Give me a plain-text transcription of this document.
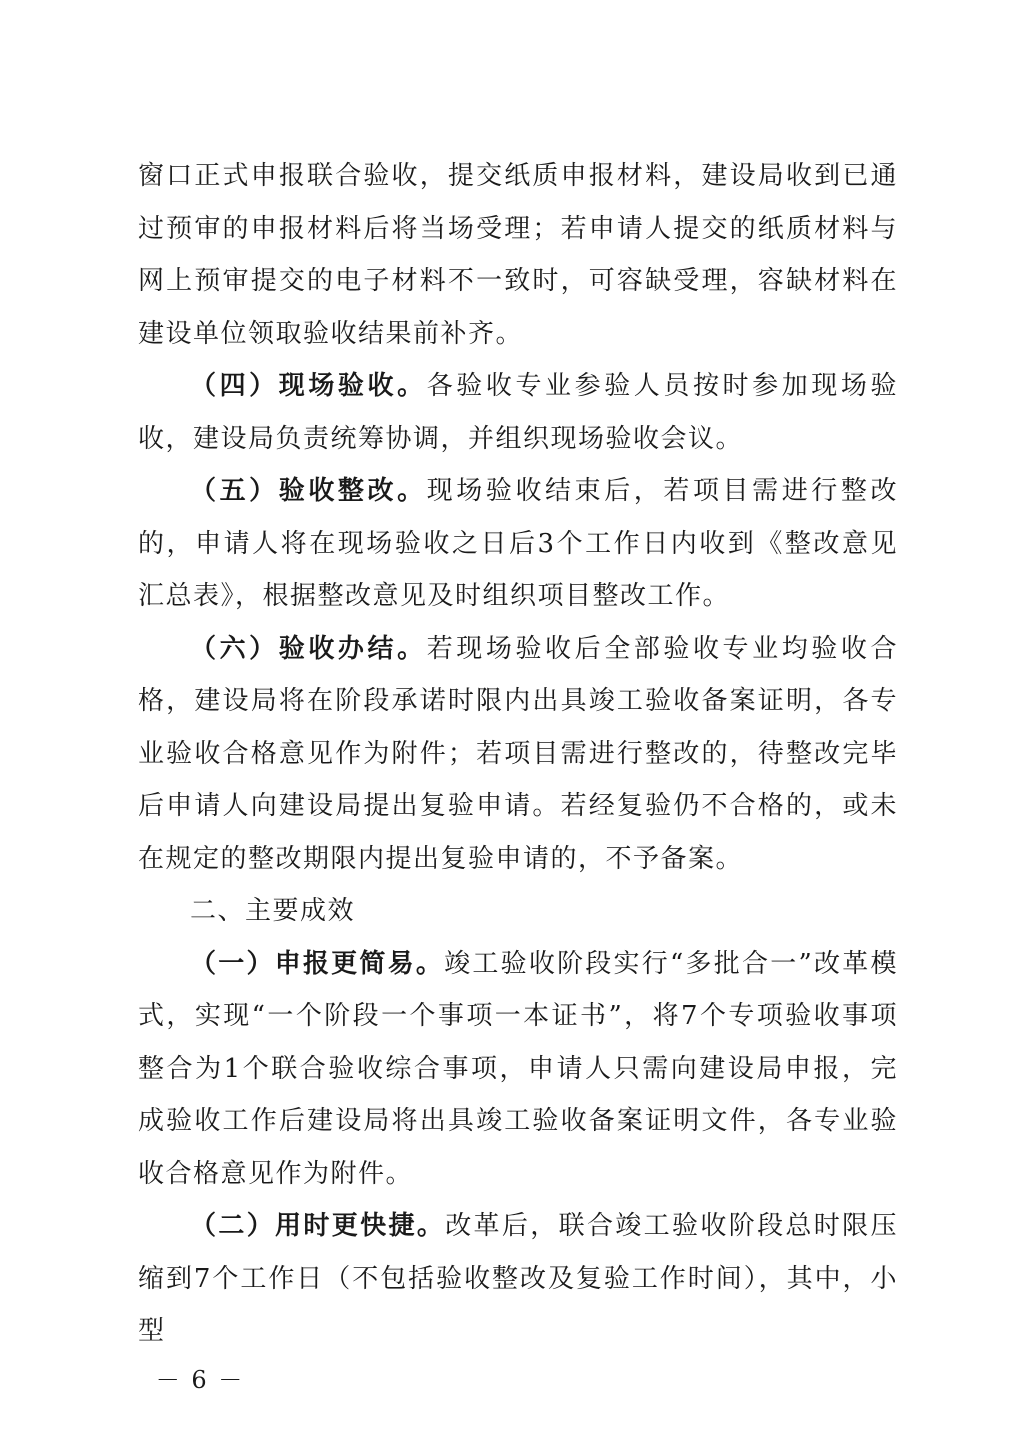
窗口正式申报联合验收，提交纸质申报材料，建设局收到已通过预审的申报材料后将当场受理；若申请人提交的纸质材料与网上预审提交的电子材料不一致时，可容缺受理，容缺材料在建设单位领取验收结果前补齐。

（四）现场验收。各验收专业参验人员按时参加现场验收，建设局负责统筹协调，并组织现场验收会议。

（五）验收整改。现场验收结束后，若项目需进行整改的，申请人将在现场验收之日后3个工作日内收到《整改意见汇总表》，根据整改意见及时组织项目整改工作。

（六）验收办结。若现场验收后全部验收专业均验收合格，建设局将在阶段承诺时限内出具竣工验收备案证明，各专业验收合格意见作为附件；若项目需进行整改的，待整改完毕后申请人向建设局提出复验申请。若经复验仍不合格的，或未在规定的整改期限内提出复验申请的，不予备案。

二、主要成效

（一）申报更简易。竣工验收阶段实行“多批合一”改革模式，实现“一个阶段一个事项一本证书”，将7个专项验收事项整合为1个联合验收综合事项，申请人只需向建设局申报，完成验收工作后建设局将出具竣工验收备案证明文件，各专业验收合格意见作为附件。

（二）用时更快捷。改革后，联合竣工验收阶段总时限压缩到7个工作日（不包括验收整改及复验工作时间），其中，小型

－ 6 －
